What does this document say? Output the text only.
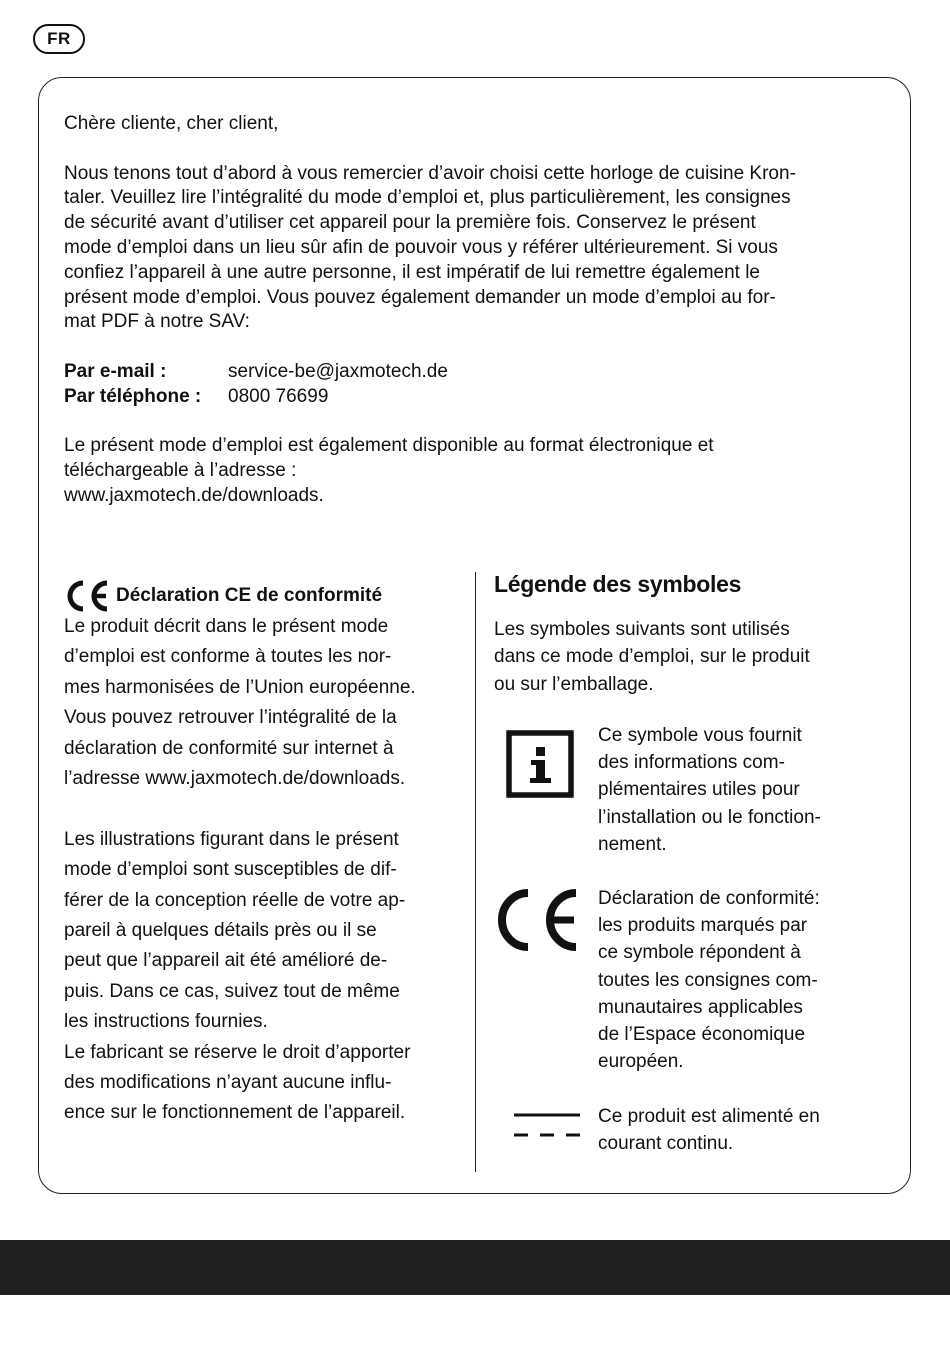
FR

Chère cliente, cher client,

Nous tenons tout d’abord à vous remercier d’avoir choisi cette horloge de cuisine Kron-
taler. Veuillez lire l’intégralité du mode d’emploi et, plus particulièrement, les consignes
de sécurité avant d’utiliser cet appareil pour la première fois. Conservez le présent
mode d’emploi dans un lieu sûr afin de pouvoir vous y référer ultérieurement. Si vous
confiez l’appareil à une autre personne, il est impératif de lui remettre également le
présent mode d’emploi. Vous pouvez également demander un mode d’emploi au for-
mat PDF à notre SAV:

Par e-mail :	service-be@jaxmotech.de
Par téléphone :	0800 76699

Le présent mode d’emploi est également disponible au format électronique et
téléchargeable à l’adresse :
www.jaxmotech.de/downloads.

Déclaration CE de conformité

Le produit décrit dans le présent mode
d’emploi est conforme à toutes les nor-
mes harmonisées de l’Union européenne.
Vous pouvez retrouver l’intégralité de la
déclaration de conformité sur internet à
l’adresse www.jaxmotech.de/downloads.

Les illustrations figurant dans le présent
mode d’emploi sont susceptibles de dif-
férer de la conception réelle de votre ap-
pareil à quelques détails près ou il se
peut que l’appareil ait été amélioré de-
puis. Dans ce cas, suivez tout de même
les instructions fournies.
Le fabricant se réserve le droit d’apporter
des modifications n’ayant aucune influ-
ence sur le fonctionnement de l’appareil.

Légende des symboles

Les symboles suivants sont utilisés
dans ce mode d’emploi, sur le produit
ou sur l’emballage.

Ce symbole vous fournit
des informations com-
plémentaires utiles pour
l’installation ou le fonction-
nement.
Déclaration de conformité:
les produits marqués par
ce symbole répondent à
toutes les consignes com-
munautaires applicables
de l’Espace économique
européen.
Ce produit est alimenté en
courant continu.
